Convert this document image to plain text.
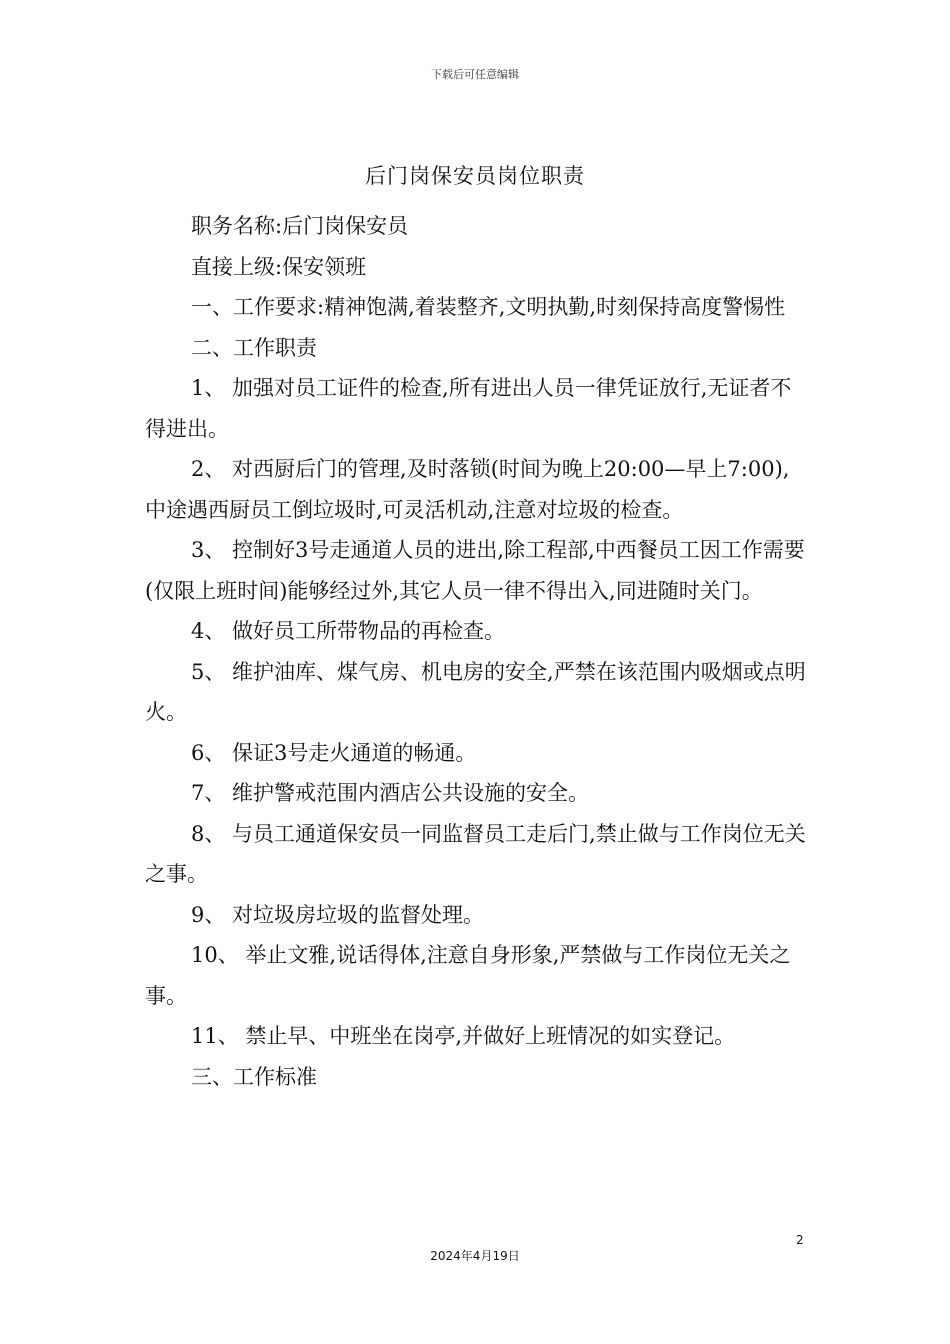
下载后可任意编辑
后门岗保安员岗位职责

职务名称:后门岗保安员

直接上级:保安领班

一、工作要求:精神饱满,着装整齐,文明执勤,时刻保持高度警惕性

二、工作职责

1、 加强对员工证件的检查,所有进出人员一律凭证放行,无证者不得进出。

2、 对西厨后门的管理,及时落锁(时间为晚上20:00—早上7:00),中途遇西厨员工倒垃圾时,可灵活机动,注意对垃圾的检查。

3、 控制好3号走通道人员的进出,除工程部,中西餐员工因工作需要(仅限上班时间)能够经过外,其它人员一律不得出入,同进随时关门。

4、 做好员工所带物品的再检查。

5、 维护油库、煤气房、机电房的安全,严禁在该范围内吸烟或点明火。

6、 保证3号走火通道的畅通。

7、 维护警戒范围内酒店公共设施的安全。

8、 与员工通道保安员一同监督员工走后门,禁止做与工作岗位无关之事。

9、 对垃圾房垃圾的监督处理。

10、 举止文雅,说话得体,注意自身形象,严禁做与工作岗位无关之事。

11、 禁止早、中班坐在岗亭,并做好上班情况的如实登记。

三、工作标准

2
2024年4月19日
